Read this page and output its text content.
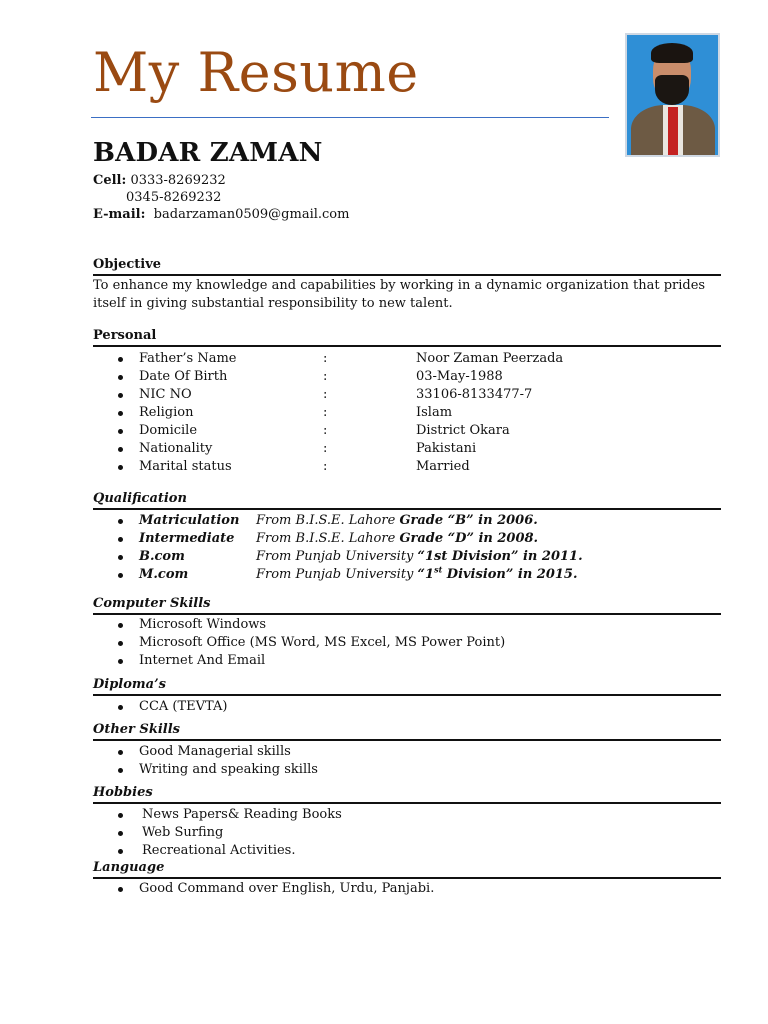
My Resume
BADAR ZAMAN
Cell: 0333-8269232
0345-8269232
E-mail: badarzaman0509@gmail.com
Objective
To enhance my knowledge and capabilities by working in a dynamic organization that prides
itself in giving substantial responsibility to new talent.
Personal
Father’s Name	:	Noor Zaman Peerzada
Date Of Birth	:	03-May-1988
NIC NO	:	33106-8133477-7
Religion	:	Islam
Domicile	:	District Okara
Nationality	:	Pakistani
Marital status	:	Married
Qualification
Matriculation From B.I.S.E. Lahore Grade “B” in 2006.
Intermediate From B.I.S.E. Lahore Grade “D” in 2008.
B.com	From Punjab University “1st Division” in 2011.
M.com	From Punjab University “1st Division” in 2015.
Computer Skills
Microsoft Windows
Microsoft Office (MS Word, MS Excel, MS Power Point)
Internet And Email
Diploma’s
CCA (TEVTA)
Other Skills
Good Managerial skills
Writing and speaking skills
Hobbies
News Papers& Reading Books
Web Surfing
Recreational Activities.
Language
Good Command over English, Urdu, Panjabi.
